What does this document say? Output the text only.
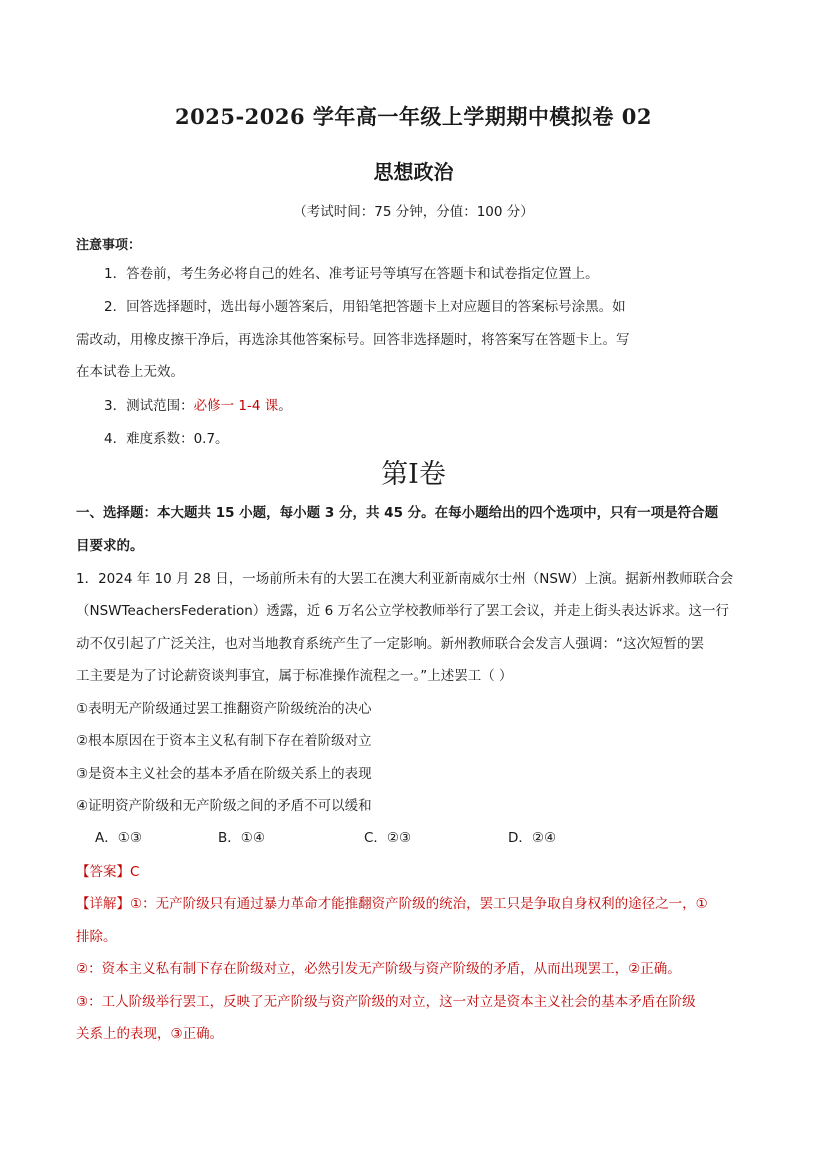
2025-2026 学年高一年级上学期期中模拟卷 02
思想政治
（考试时间：75 分钟，分值：100 分）
注意事项：
1．答卷前，考生务必将自己的姓名、准考证号等填写在答题卡和试卷指定位置上。
2．回答选择题时，选出每小题答案后，用铅笔把答题卡上对应题目的答案标号涂黑。如
需改动，用橡皮擦干净后，再选涂其他答案标号。回答非选择题时，将答案写在答题卡上。写
在本试卷上无效。
3．测试范围：必修一 1-4 课。
4．难度系数：0.7。
第I卷
一、选择题：本大题共 15 小题，每小题 3 分，共 45 分。在每小题给出的四个选项中，只有一项是符合题
目要求的。
1．2024 年 10 月 28 日，一场前所未有的大罢工在澳大利亚新南威尔士州（NSW）上演。据新州教师联合会
（NSWTeachersFederation）透露，近 6 万名公立学校教师举行了罢工会议，并走上街头表达诉求。这一行
动不仅引起了广泛关注，也对当地教育系统产生了一定影响。新州教师联合会发言人强调：“这次短暂的罢
工主要是为了讨论薪资谈判事宜，属于标准操作流程之一。”上述罢工（ ）
①表明无产阶级通过罢工推翻资产阶级统治的决心
②根本原因在于资本主义私有制下存在着阶级对立
③是资本主义社会的基本矛盾在阶级关系上的表现
④证明资产阶级和无产阶级之间的矛盾不可以缓和
A．①③	B．①④	C．②③	D．②④
【答案】C
【详解】①：无产阶级只有通过暴力革命才能推翻资产阶级的统治，罢工只是争取自身权利的途径之一，①
排除。
②：资本主义私有制下存在阶级对立，必然引发无产阶级与资产阶级的矛盾，从而出现罢工，②正确。
③：工人阶级举行罢工，反映了无产阶级与资产阶级的对立，这一对立是资本主义社会的基本矛盾在阶级
关系上的表现，③正确。
